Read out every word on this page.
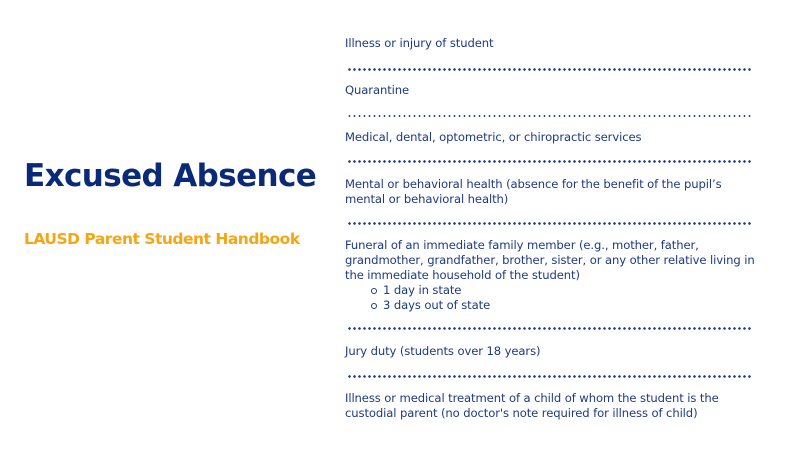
Excused Absence
LAUSD Parent Student Handbook
Illness or injury of student
Quarantine
Medical, dental, optometric, or chiropractic services
Mental or behavioral health (absence for the benefit of the pupil’s mental or behavioral health)
Funeral of an immediate family member (e.g., mother, father, grandmother, grandfather, brother, sister, or any other relative living in the immediate household of the student)
1 day in state
3 days out of state
Jury duty (students over 18 years)
Illness or medical treatment of a child of whom the student is the custodial parent (no doctor's note required for illness of child)
